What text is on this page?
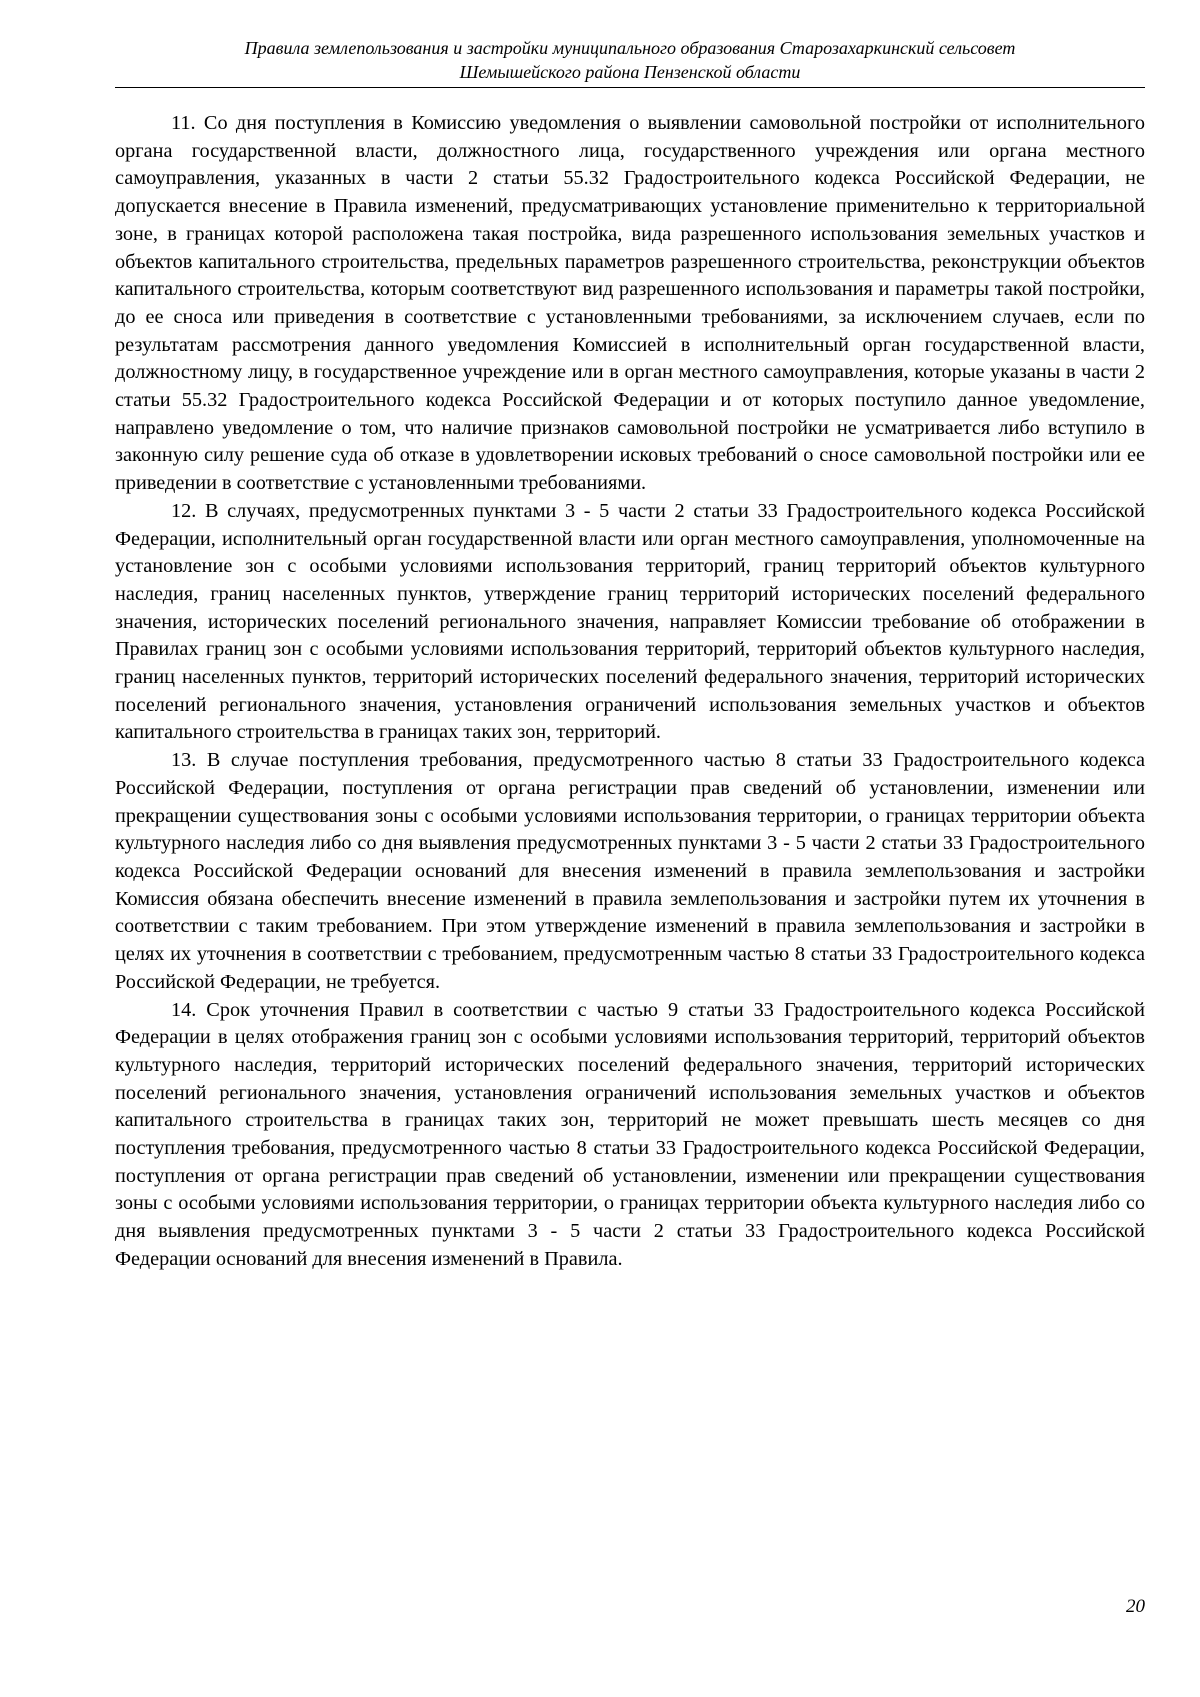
Правила землепользования и застройки муниципального образования Старозахаркинский сельсовет
Шемышейского района Пензенской области

11. Со дня поступления в Комиссию уведомления о выявлении самовольной постройки от исполнительного органа государственной власти, должностного лица, государственного учреждения или органа местного самоуправления, указанных в части 2 статьи 55.32 Градостроительного кодекса Российской Федерации, не допускается внесение в Правила изменений, предусматривающих установление применительно к территориальной зоне, в границах которой расположена такая постройка, вида разрешенного использования земельных участков и объектов капитального строительства, предельных параметров разрешенного строительства, реконструкции объектов капитального строительства, которым соответствуют вид разрешенного использования и параметры такой постройки, до ее сноса или приведения в соответствие с установленными требованиями, за исключением случаев, если по результатам рассмотрения данного уведомления Комиссией в исполнительный орган государственной власти, должностному лицу, в государственное учреждение или в орган местного самоуправления, которые указаны в части 2 статьи 55.32 Градостроительного кодекса Российской Федерации и от которых поступило данное уведомление, направлено уведомление о том, что наличие признаков самовольной постройки не усматривается либо вступило в законную силу решение суда об отказе в удовлетворении исковых требований о сносе самовольной постройки или ее приведении в соответствие с установленными требованиями.

12. В случаях, предусмотренных пунктами 3 - 5 части 2 статьи 33 Градостроительного кодекса Российской Федерации, исполнительный орган государственной власти или орган местного самоуправления, уполномоченные на установление зон с особыми условиями использования территорий, границ территорий объектов культурного наследия, границ населенных пунктов, утверждение границ территорий исторических поселений федерального значения, исторических поселений регионального значения, направляет Комиссии требование об отображении в Правилах границ зон с особыми условиями использования территорий, территорий объектов культурного наследия, границ населенных пунктов, территорий исторических поселений федерального значения, территорий исторических поселений регионального значения, установления ограничений использования земельных участков и объектов капитального строительства в границах таких зон, территорий.

13. В случае поступления требования, предусмотренного частью 8 статьи 33 Градостроительного кодекса Российской Федерации, поступления от органа регистрации прав сведений об установлении, изменении или прекращении существования зоны с особыми условиями использования территории, о границах территории объекта культурного наследия либо со дня выявления предусмотренных пунктами 3 - 5 части 2 статьи 33 Градостроительного кодекса Российской Федерации оснований для внесения изменений в правила землепользования и застройки Комиссия обязана обеспечить внесение изменений в правила землепользования и застройки путем их уточнения в соответствии с таким требованием. При этом утверждение изменений в правила землепользования и застройки в целях их уточнения в соответствии с требованием, предусмотренным частью 8 статьи 33 Градостроительного кодекса Российской Федерации, не требуется.

14. Срок уточнения Правил в соответствии с частью 9 статьи 33 Градостроительного кодекса Российской Федерации в целях отображения границ зон с особыми условиями использования территорий, территорий объектов культурного наследия, территорий исторических поселений федерального значения, территорий исторических поселений регионального значения, установления ограничений использования земельных участков и объектов капитального строительства в границах таких зон, территорий не может превышать шесть месяцев со дня поступления требования, предусмотренного частью 8 статьи 33 Градостроительного кодекса Российской Федерации, поступления от органа регистрации прав сведений об установлении, изменении или прекращении существования зоны с особыми условиями использования территории, о границах территории объекта культурного наследия либо со дня выявления предусмотренных пунктами 3 - 5 части 2 статьи 33 Градостроительного кодекса Российской Федерации оснований для внесения изменений в Правила.

20
